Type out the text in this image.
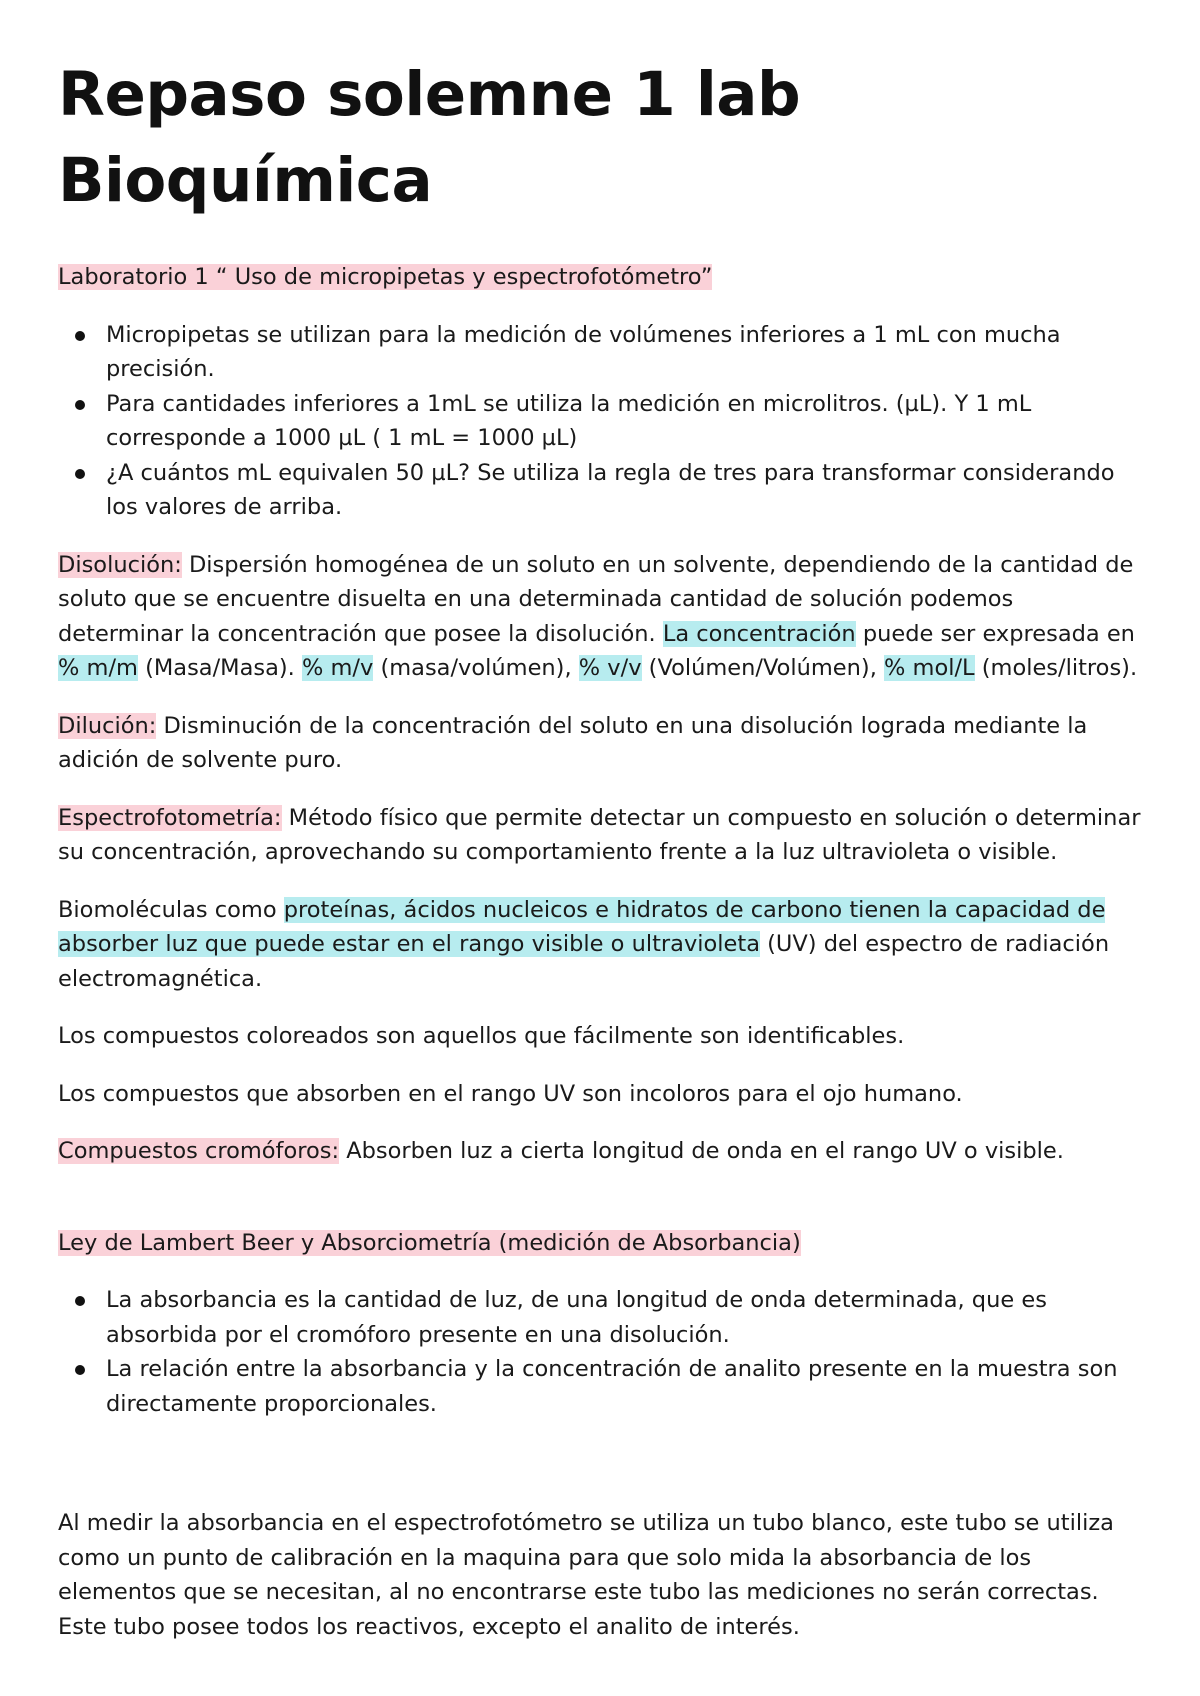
Repaso solemne 1 lab Bioquímica
Laboratorio 1 “ Uso de micropipetas y espectrofotómetro”
Micropipetas se utilizan para la medición de volúmenes inferiores a 1 mL con mucha precisión.
Para cantidades inferiores a 1mL se utiliza la medición en microlitros. (µL). Y 1 mL corresponde a 1000 µL ( 1 mL = 1000 µL)
¿A cuántos mL equivalen 50 µL? Se utiliza la regla de tres para transformar considerando los valores de arriba.

Disolución: Dispersión homogénea de un soluto en un solvente, dependiendo de la cantidad de soluto que se encuentre disuelta en una determinada cantidad de solución podemos determinar la concentración que posee la disolución. La concentración puede ser expresada en % m/m (Masa/Masa). % m/v (masa/volúmen), % v/v (Volúmen/Volúmen), % mol/L (moles/litros).

Dilución: Disminución de la concentración del soluto en una disolución lograda mediante la adición de solvente puro.

Espectrofotometría: Método físico que permite detectar un compuesto en solución o determinar su concentración, aprovechando su comportamiento frente a la luz ultravioleta o visible.

Biomoléculas como proteínas, ácidos nucleicos e hidratos de carbono tienen la capacidad de absorber luz que puede estar en el rango visible o ultravioleta (UV) del espectro de radiación electromagnética.

Los compuestos coloreados son aquellos que fácilmente son identificables.

Los compuestos que absorben en el rango UV son incoloros para el ojo humano.

Compuestos cromóforos: Absorben luz a cierta longitud de onda en el rango UV o visible.

Ley de Lambert Beer y Absorciometría (medición de Absorbancia)
La absorbancia es la cantidad de luz, de una longitud de onda determinada, que es absorbida por el cromóforo presente en una disolución.
La relación entre la absorbancia y la concentración de analito presente en la muestra son directamente proporcionales.

Al medir la absorbancia en el espectrofotómetro se utiliza un tubo blanco, este tubo se utiliza como un punto de calibración en la maquina para que solo mida la absorbancia de los elementos que se necesitan, al no encontrarse este tubo las mediciones no serán correctas. Este tubo posee todos los reactivos, excepto el analito de interés.
